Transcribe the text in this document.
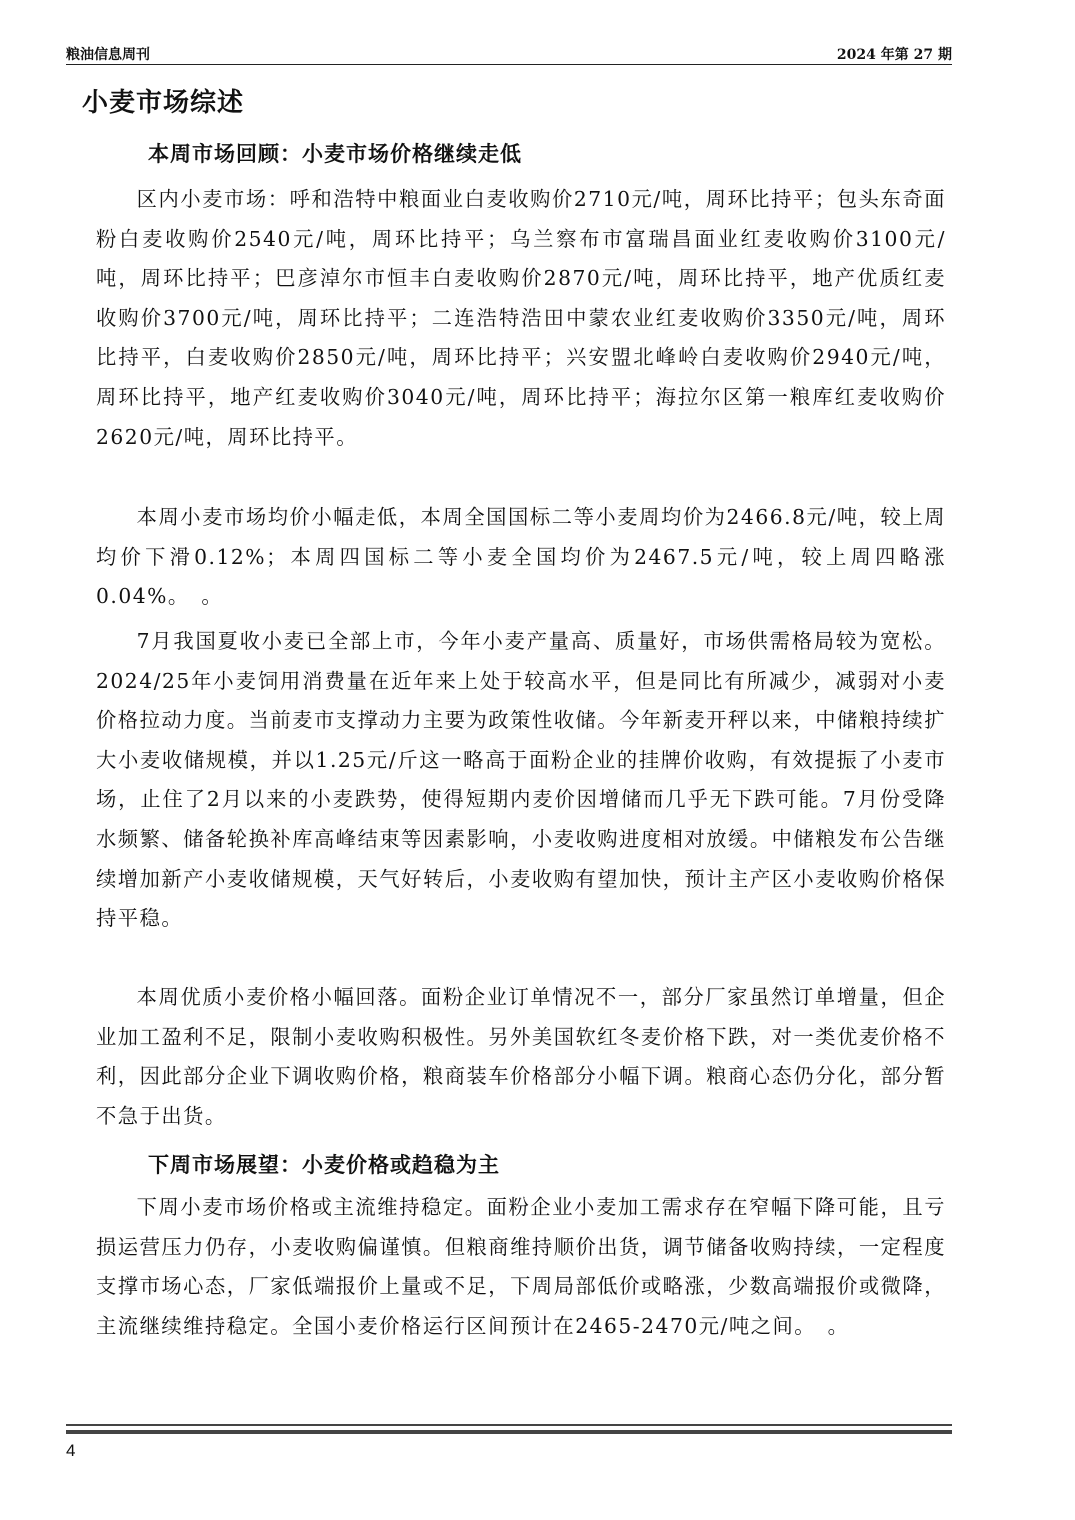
粮油信息周刊	2024 年第 27 期
小麦市场综述
本周市场回顾：小麦市场价格继续走低

区内小麦市场：呼和浩特中粮面业白麦收购价2710元/吨，周环比持平；包头东奇面粉白麦收购价2540元/吨，周环比持平；乌兰察布市富瑞昌面业红麦收购价3100元/吨，周环比持平；巴彦淖尔市恒丰白麦收购价2870元/吨，周环比持平，地产优质红麦收购价3700元/吨，周环比持平；二连浩特浩田中蒙农业红麦收购价3350元/吨，周环比持平，白麦收购价2850元/吨，周环比持平；兴安盟北峰岭白麦收购价2940元/吨，周环比持平，地产红麦收购价3040元/吨，周环比持平；海拉尔区第一粮库红麦收购价2620元/吨，周环比持平。

本周小麦市场均价小幅走低，本周全国国标二等小麦周均价为2466.8元/吨，较上周均价下滑0.12%；本周四国标二等小麦全国均价为2467.5元/吨，较上周四略涨0.04%。　。

7月我国夏收小麦已全部上市，今年小麦产量高、质量好，市场供需格局较为宽松。2024/25年小麦饲用消费量在近年来上处于较高水平，但是同比有所减少，减弱对小麦价格拉动力度。当前麦市支撑动力主要为政策性收储。今年新麦开秤以来，中储粮持续扩大小麦收储规模，并以1.25元/斤这一略高于面粉企业的挂牌价收购，有效提振了小麦市场，止住了2月以来的小麦跌势，使得短期内麦价因增储而几乎无下跌可能。7月份受降水频繁、储备轮换补库高峰结束等因素影响，小麦收购进度相对放缓。中储粮发布公告继续增加新产小麦收储规模，天气好转后，小麦收购有望加快，预计主产区小麦收购价格保持平稳。

本周优质小麦价格小幅回落。面粉企业订单情况不一，部分厂家虽然订单增量，但企业加工盈利不足，限制小麦收购积极性。另外美国软红冬麦价格下跌，对一类优麦价格不利，因此部分企业下调收购价格，粮商装车价格部分小幅下调。粮商心态仍分化，部分暂不急于出货。

下周市场展望：小麦价格或趋稳为主

下周小麦市场价格或主流维持稳定。面粉企业小麦加工需求存在窄幅下降可能，且亏损运营压力仍存，小麦收购偏谨慎。但粮商维持顺价出货，调节储备收购持续，一定程度支撑市场心态，厂家低端报价上量或不足，下周局部低价或略涨，少数高端报价或微降，主流继续维持稳定。全国小麦价格运行区间预计在2465-2470元/吨之间。　。

4
